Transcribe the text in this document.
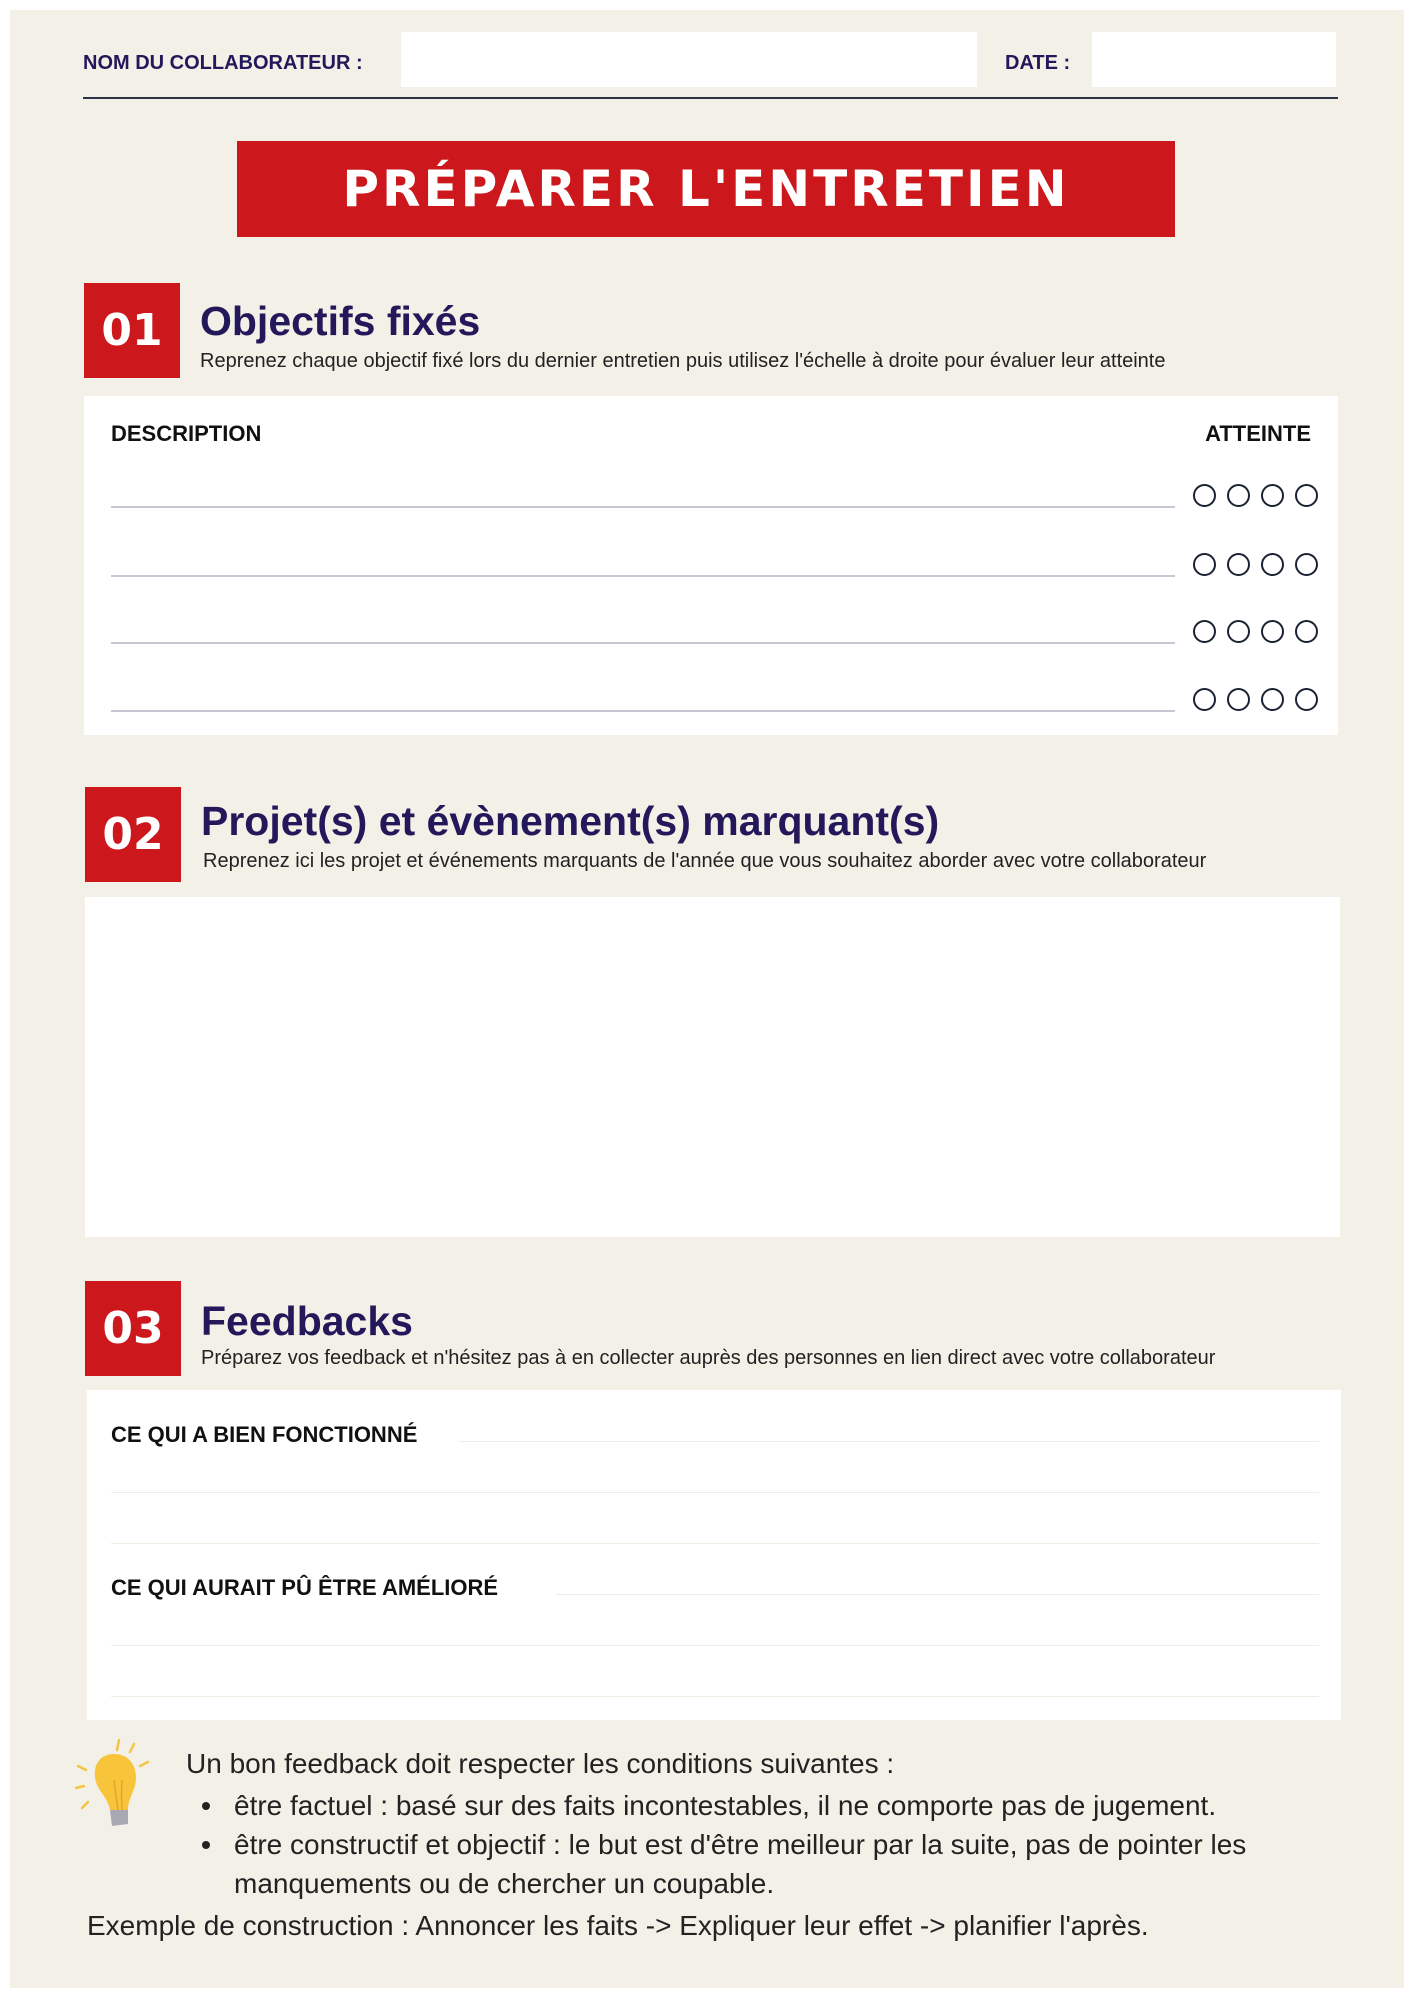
NOM DU COLLABORATEUR :	DATE :
PRÉPARER L'ENTRETIEN
01 Objectifs fixés
Reprenez chaque objectif fixé lors du dernier entretien puis utilisez l'échelle à droite pour évaluer leur atteinte
DESCRIPTION	ATTEINTE
02 Projet(s) et évènement(s) marquant(s)
Reprenez ici les projet et événements marquants de l'année que vous souhaitez aborder avec votre collaborateur
03 Feedbacks
Préparez vos feedback et n'hésitez pas à en collecter auprès des personnes en lien direct avec votre collaborateur
CE QUI A BIEN FONCTIONNÉ
CE QUI AURAIT PÛ ÊTRE AMÉLIORÉ
Un bon feedback doit respecter les conditions suivantes :
être factuel : basé sur des faits incontestables, il ne comporte pas de jugement.
être constructif et objectif : le but est d'être meilleur par la suite, pas de pointer les manquements ou de chercher un coupable.
Exemple de construction : Annoncer les faits -> Expliquer leur effet -> planifier l'après.
